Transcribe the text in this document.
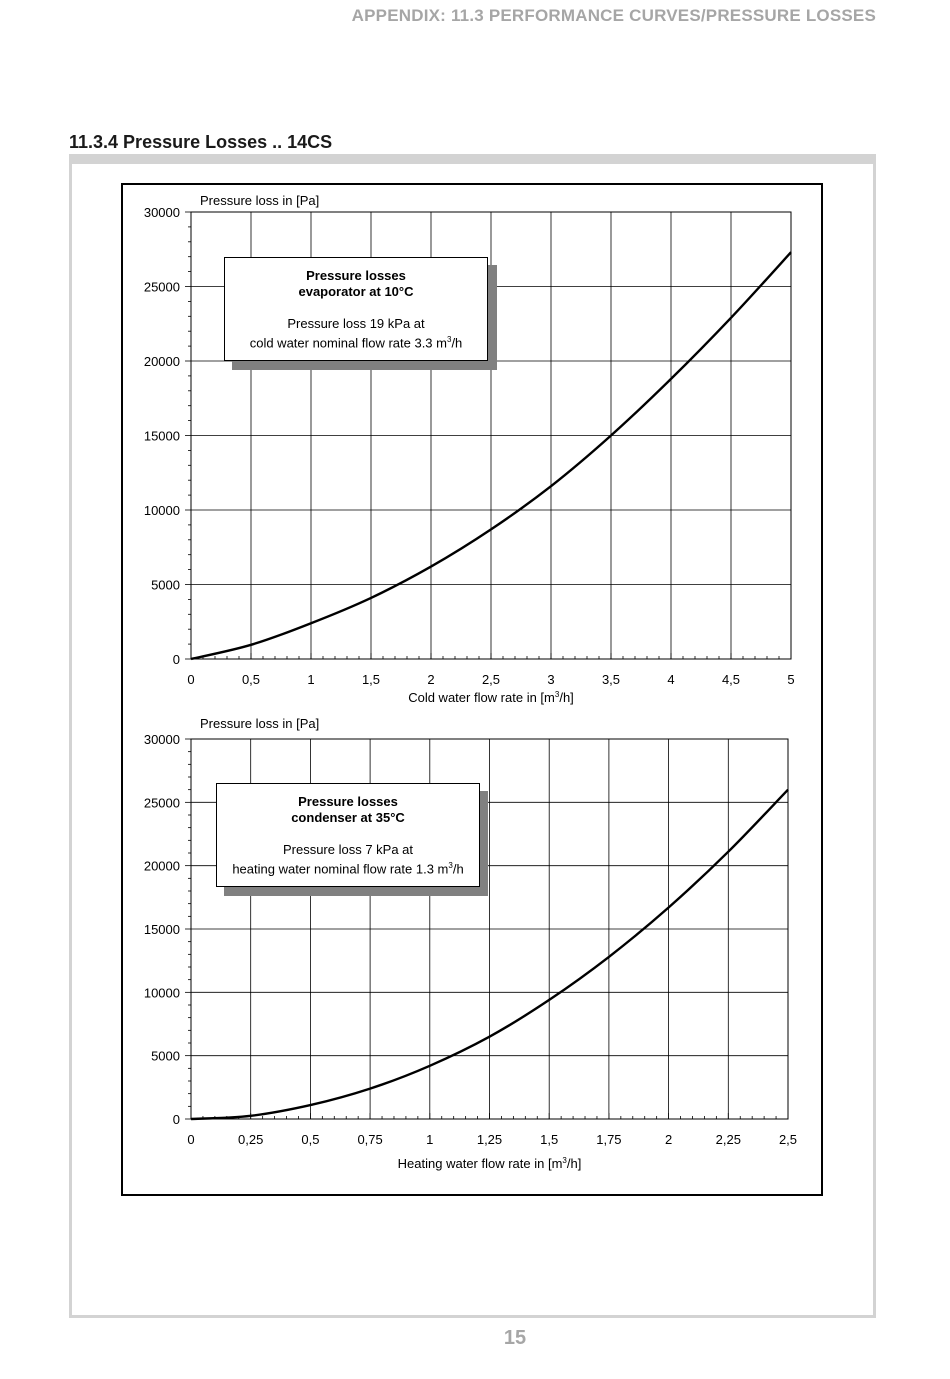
APPENDIX: 11.3 PERFORMANCE CURVES/PRESSURE LOSSES
11.3.4 Pressure Losses .. 14CS
0	0,5	1	1,5	2	2,5	3	3,5	4	4,5	5
0
5000
10000
15000
20000
25000
30000
Pressure loss in [Pa]
Cold water flow rate in $[m^3/h]$
0	0,25	0,5	0,75	1	1,25	1,5	1,75	2	2,25	2,5
0
5000
10000
15000
20000
25000
30000
Pressure loss in [Pa]
Heating water flow rate in $[m^3/h]$
Pressure losses
evaporator at 10°C
Pressure loss 19 kPa at
cold water nominal flow rate 3.3 $m^3/h$
Pressure losses
condenser at 35°C
Pressure loss 7 kPa at
heating water nominal flow rate 1.3 $m^3/h$
15
